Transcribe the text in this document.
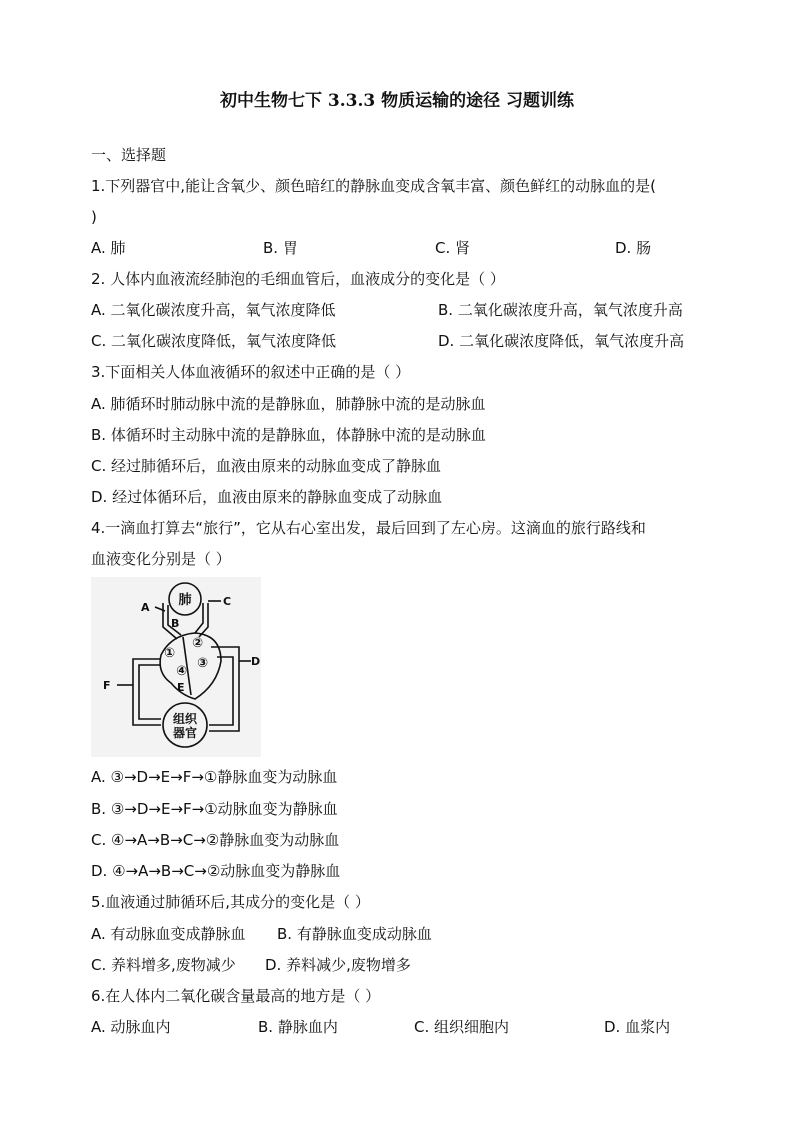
初中生物七下 3.3.3 物质运输的途径 习题训练
一、选择题
1.下列器官中,能让含氧少、颜色暗红的静脉血变成含氧丰富、颜色鲜红的动脉血的是(
)
A. 肺	B. 胃	C. 肾	D. 肠
2. 人体内血液流经肺泡的毛细血管后，血液成分的变化是（ ）
A. 二氧化碳浓度升高，氧气浓度降低	B. 二氧化碳浓度升高，氧气浓度升高
C. 二氧化碳浓度降低，氧气浓度降低	D. 二氧化碳浓度降低，氧气浓度升高
3.下面相关人体血液循环的叙述中正确的是（ ）
A. 肺循环时肺动脉中流的是静脉血，肺静脉中流的是动脉血
B. 体循环时主动脉中流的是静脉血，体静脉中流的是动脉血
C. 经过肺循环后，血液由原来的动脉血变成了静脉血
D. 经过体循环后，血液由原来的静脉血变成了动脉血
4.一滴血打算去“旅行”，它从右心室出发，最后回到了左心房。这滴血的旅行路线和
血液变化分别是（ ）
肺
组织
器官
A
B
C
D
E
F
①
②
③
④
A. ③→D→E→F→①静脉血变为动脉血
B. ③→D→E→F→①动脉血变为静脉血
C. ④→A→B→C→②静脉血变为动脉血
D. ④→A→B→C→②动脉血变为静脉血
5.血液通过肺循环后,其成分的变化是（ ）
A. 有动脉血变成静脉血 B. 有静脉血变成动脉血
C. 养料增多,废物减少 D. 养料减少,废物增多
6.在人体内二氧化碳含量最高的地方是（ ）
A. 动脉血内	B. 静脉血内	C. 组织细胞内	D. 血浆内
